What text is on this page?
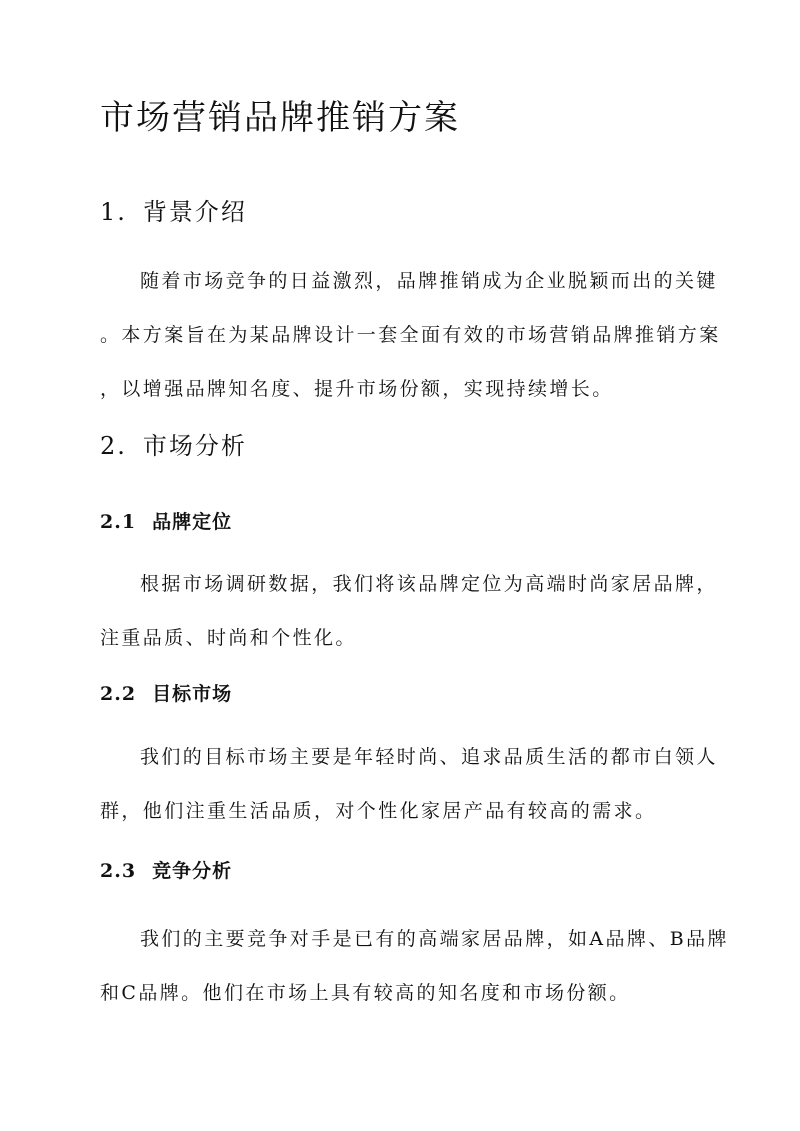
市场营销品牌推销方案
1. 背景介绍
随着市场竞争的日益激烈，品牌推销成为企业脱颖而出的关键
。本方案旨在为某品牌设计一套全面有效的市场营销品牌推销方案
，以增强品牌知名度、提升市场份额，实现持续增长。
2. 市场分析
2.1 品牌定位
根据市场调研数据，我们将该品牌定位为高端时尚家居品牌，
注重品质、时尚和个性化。
2.2 目标市场
我们的目标市场主要是年轻时尚、追求品质生活的都市白领人
群，他们注重生活品质，对个性化家居产品有较高的需求。
2.3 竞争分析
我们的主要竞争对手是已有的高端家居品牌，如A品牌、B品牌
和C品牌。他们在市场上具有较高的知名度和市场份额。
